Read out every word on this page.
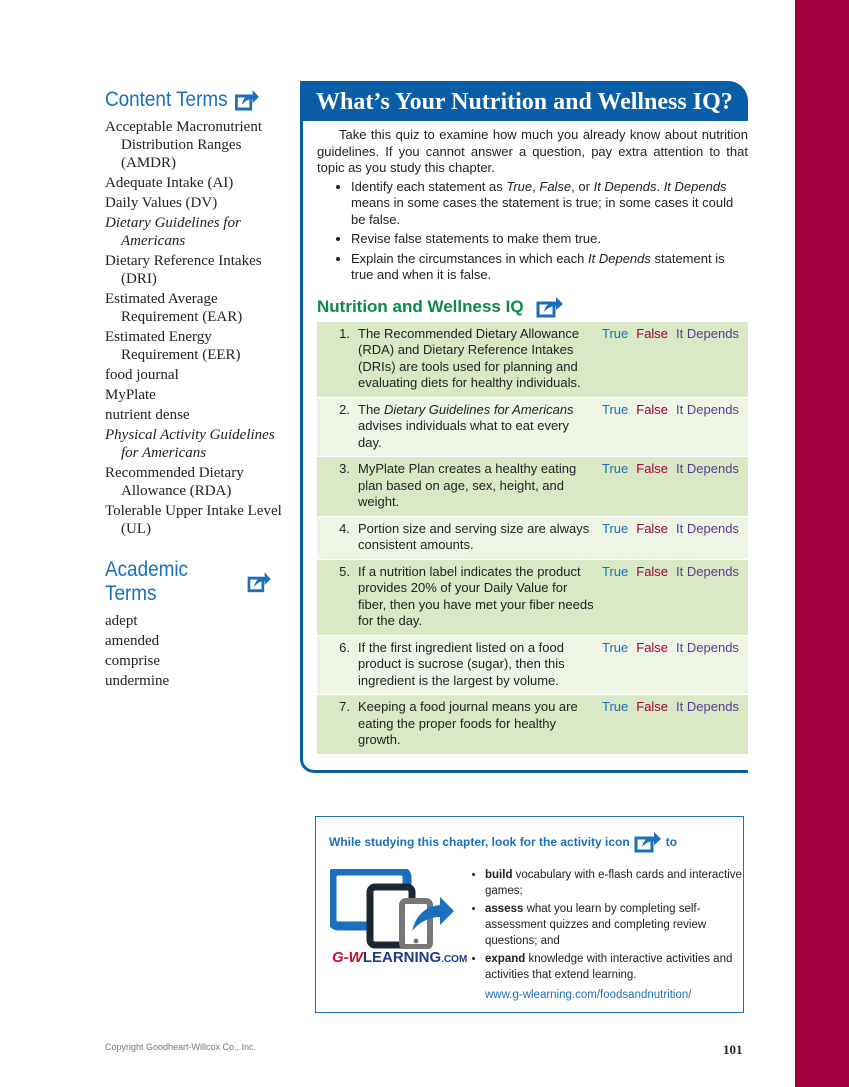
Content Terms
Acceptable Macronutrient Distribution Ranges (AMDR)
Adequate Intake (AI)
Daily Values (DV)
Dietary Guidelines for Americans
Dietary Reference Intakes (DRI)
Estimated Average Requirement (EAR)
Estimated Energy Requirement (EER)
food journal
MyPlate
nutrient dense
Physical Activity Guidelines for Americans
Recommended Dietary Allowance (RDA)
Tolerable Upper Intake Level (UL)
Academic Terms
adept
amended
comprise
undermine
What’s Your Nutrition and Wellness IQ?

Take this quiz to examine how much you already know about nutrition guidelines. If you cannot answer a question, pay extra attention to that topic as you study this chapter.

• Identify each statement as True, False, or It Depends. It Depends means in some cases the statement is true; in some cases it could be false.
• Revise false statements to make them true.
• Explain the circumstances in which each It Depends statement is true and when it is false.
Nutrition and Wellness IQ
1.	The Recommended Dietary Allowance (RDA) and Dietary Reference Intakes (DRIs) are tools used for planning and evaluating diets for healthy individuals.	True False It Depends
2.	The Dietary Guidelines for Americans advises individuals what to eat every day.	True False It Depends
3.	MyPlate Plan creates a healthy eating plan based on age, sex, height, and weight.	True False It Depends
4.	Portion size and serving size are always consistent amounts.	True False It Depends
5.	If a nutrition label indicates the product provides 20% of your Daily Value for fiber, then you have met your fiber needs for the day.	True False It Depends
6.	If the first ingredient listed on a food product is sucrose (sugar), then this ingredient is the largest by volume.	True False It Depends
7.	Keeping a food journal means you are eating the proper foods for healthy growth.	True False It Depends
While studying this chapter, look for the activity icon	to
G-WLEARNING.COM
• build vocabulary with e-flash cards and interactive games;
• assess what you learn by completing self-assessment quizzes and completing review questions; and
• expand knowledge with interactive activities and activities that extend learning.
www.g-wlearning.com/foodsandnutrition/
Copyright Goodheart-Willcox Co., Inc.	101
